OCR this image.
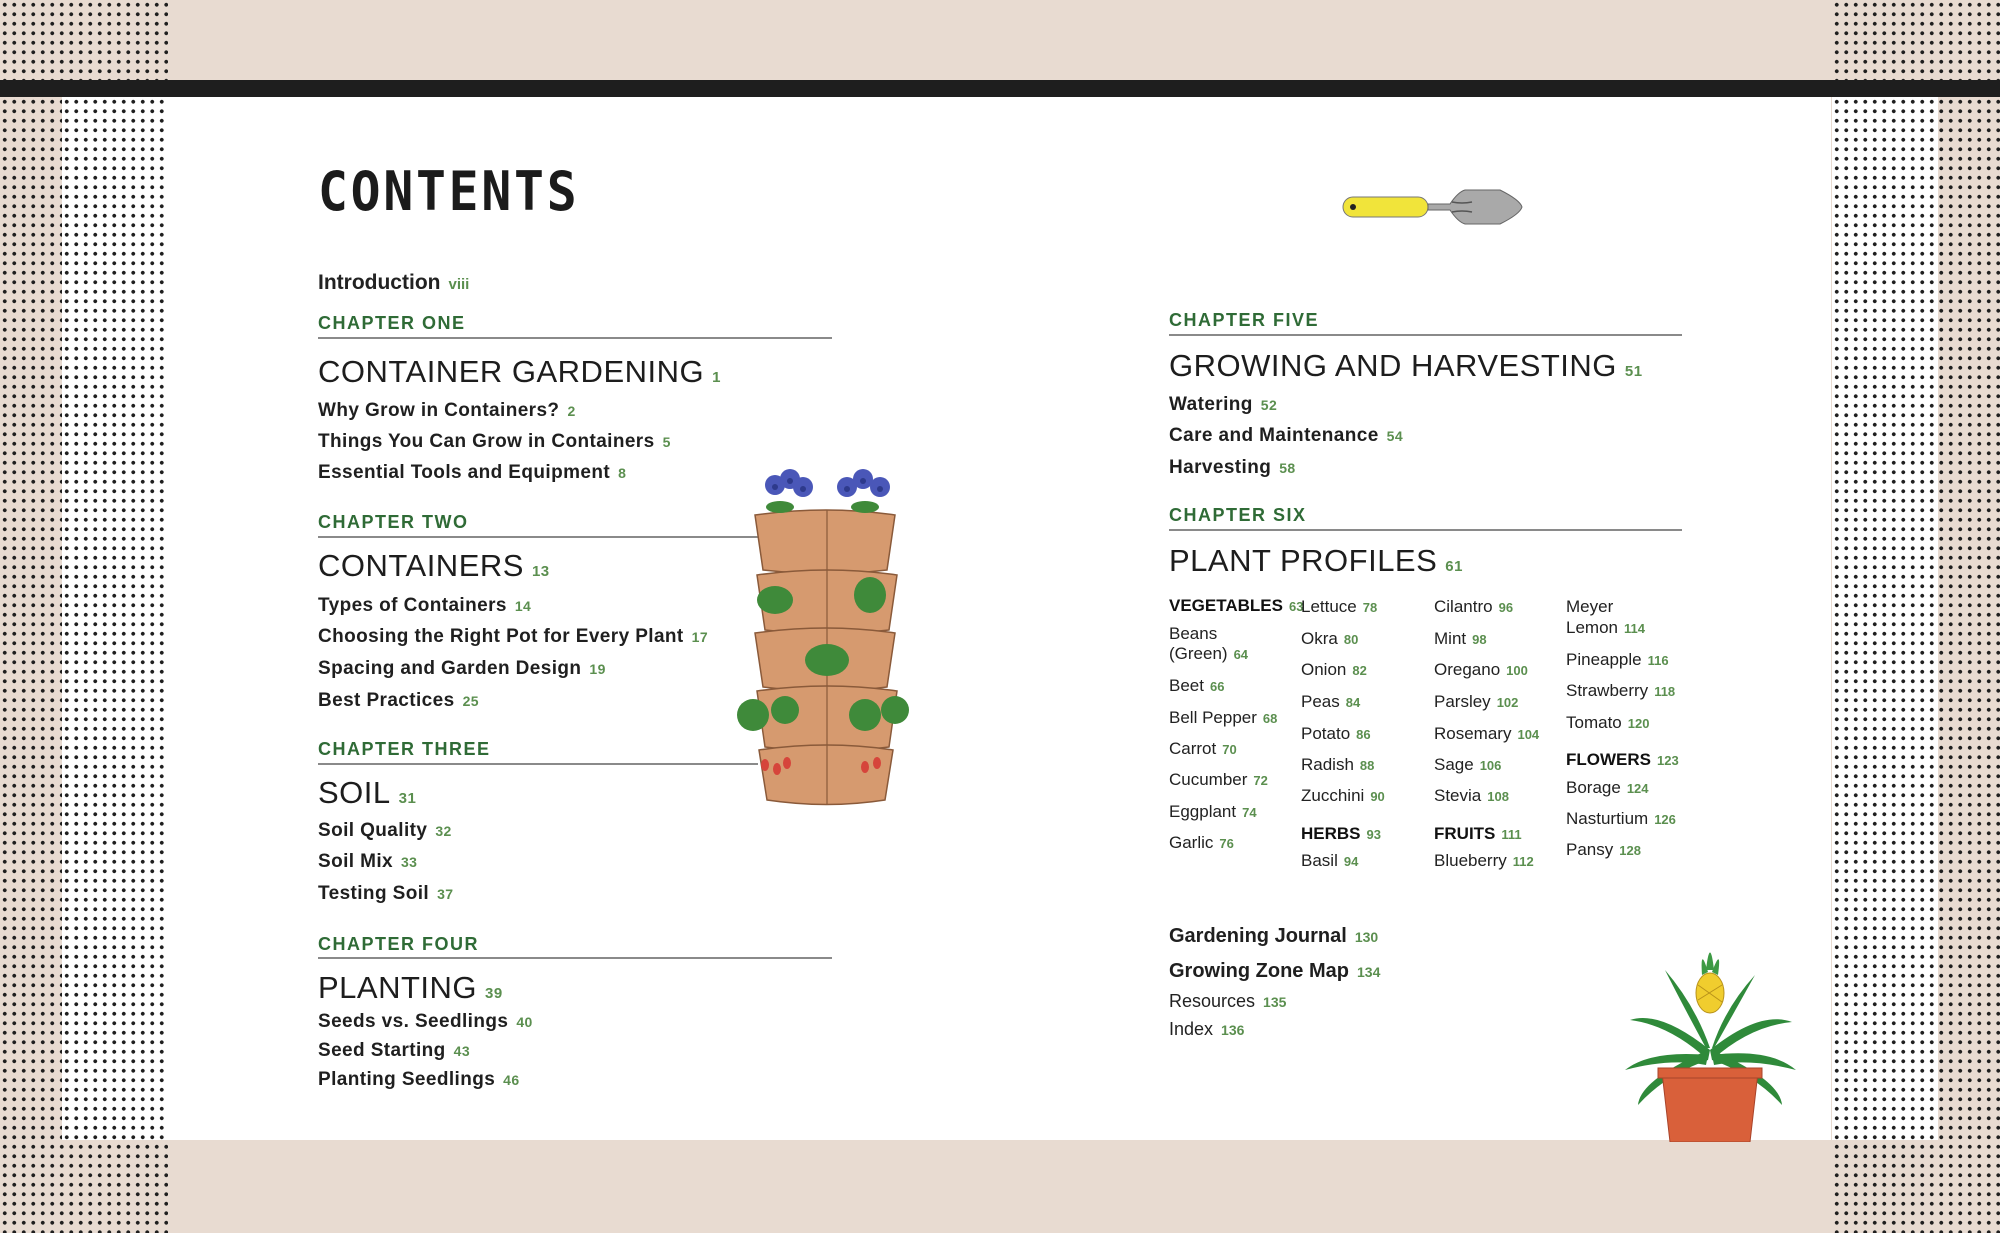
CONTENTS
Introduction viii
CHAPTER ONE
CONTAINER GARDENING 1
Why Grow in Containers? 2
Things You Can Grow in Containers 5
Essential Tools and Equipment 8
CHAPTER TWO
CONTAINERS 13
Types of Containers 14
Choosing the Right Pot for Every Plant 17
Spacing and Garden Design 19
Best Practices 25
CHAPTER THREE
SOIL 31
Soil Quality 32
Soil Mix 33
Testing Soil 37
CHAPTER FOUR
PLANTING 39
Seeds vs. Seedlings 40
Seed Starting 43
Planting Seedlings 46
CHAPTER FIVE
GROWING AND HARVESTING 51
Watering 52
Care and Maintenance 54
Harvesting 58
CHAPTER SIX
PLANT PROFILES 61
VEGETABLES 63
Beans
(Green) 64
Beet 66
Bell Pepper 68
Carrot 70
Cucumber 72
Eggplant 74
Garlic 76
Lettuce 78
Okra 80
Onion 82
Peas 84
Potato 86
Radish 88
Zucchini 90
HERBS 93
Basil 94
Cilantro 96
Mint 98
Oregano 100
Parsley 102
Rosemary 104
Sage 106
Stevia 108
FRUITS 111
Blueberry 112
Meyer
Lemon 114
Pineapple 116
Strawberry 118
Tomato 120
FLOWERS 123
Borage 124
Nasturtium 126
Pansy 128
Gardening Journal 130
Growing Zone Map 134
Resources 135
Index 136
